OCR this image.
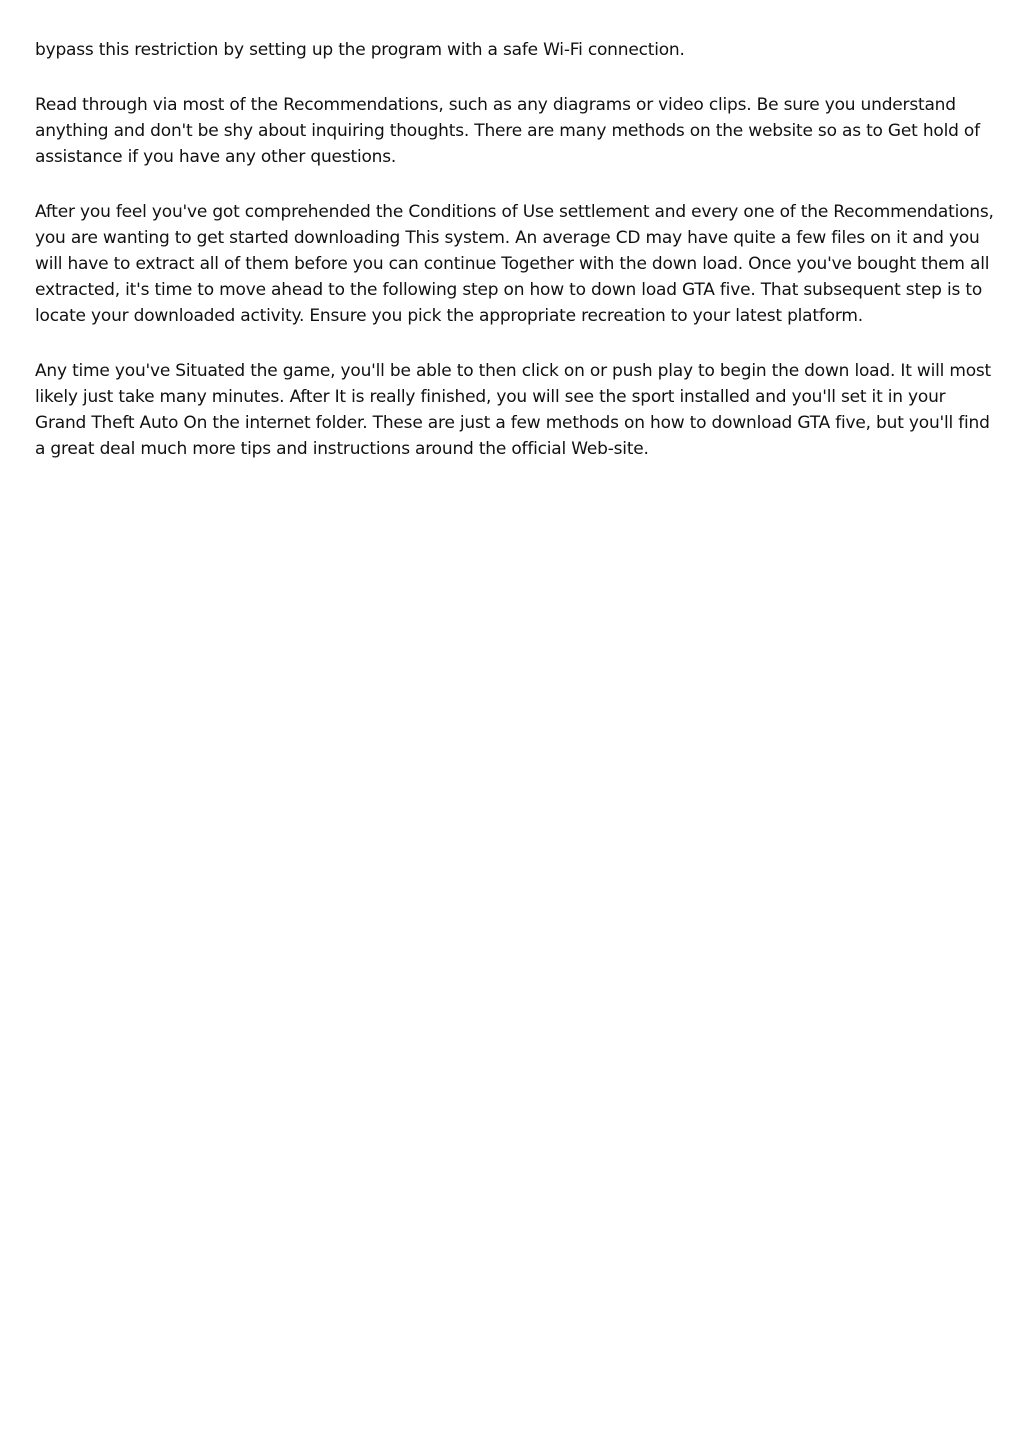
bypass this restriction by setting up the program with a safe Wi-Fi connection.

Read through via most of the Recommendations, such as any diagrams or video clips. Be sure you understand anything and don't be shy about inquiring thoughts. There are many methods on the website so as to Get hold of assistance if you have any other questions.

After you feel you've got comprehended the Conditions of Use settlement and every one of the Recommendations, you are wanting to get started downloading This system. An average CD may have quite a few files on it and you will have to extract all of them before you can continue Together with the down load. Once you've bought them all extracted, it's time to move ahead to the following step on how to down load GTA five. That subsequent step is to locate your downloaded activity. Ensure you pick the appropriate recreation to your latest platform.

Any time you've Situated the game, you'll be able to then click on or push play to begin the down load. It will most likely just take many minutes. After It is really finished, you will see the sport installed and you'll set it in your Grand Theft Auto On the internet folder. These are just a few methods on how to download GTA five, but you'll find a great deal much more tips and instructions around the official Web-site.
